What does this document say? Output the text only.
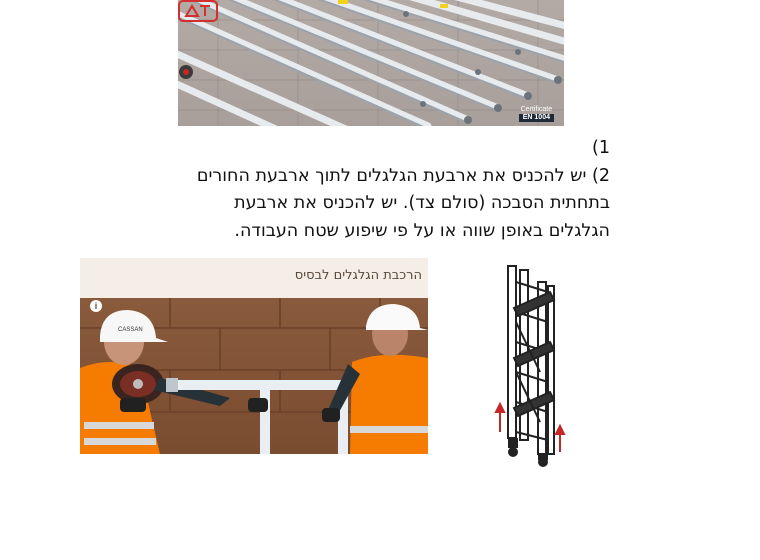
Certificate
EN 1004
1)
2) יש להכניס את ארבעת הגלגלים לתוך ארבעת החורים
בתחתית הסבכה (סולם צד). יש להכניס את ארבעת
הגלגלים באופן שווה או על פי שיפוע שטח העבודה.
הרכבת הגלגלים לבסיס
CASSAN
i
